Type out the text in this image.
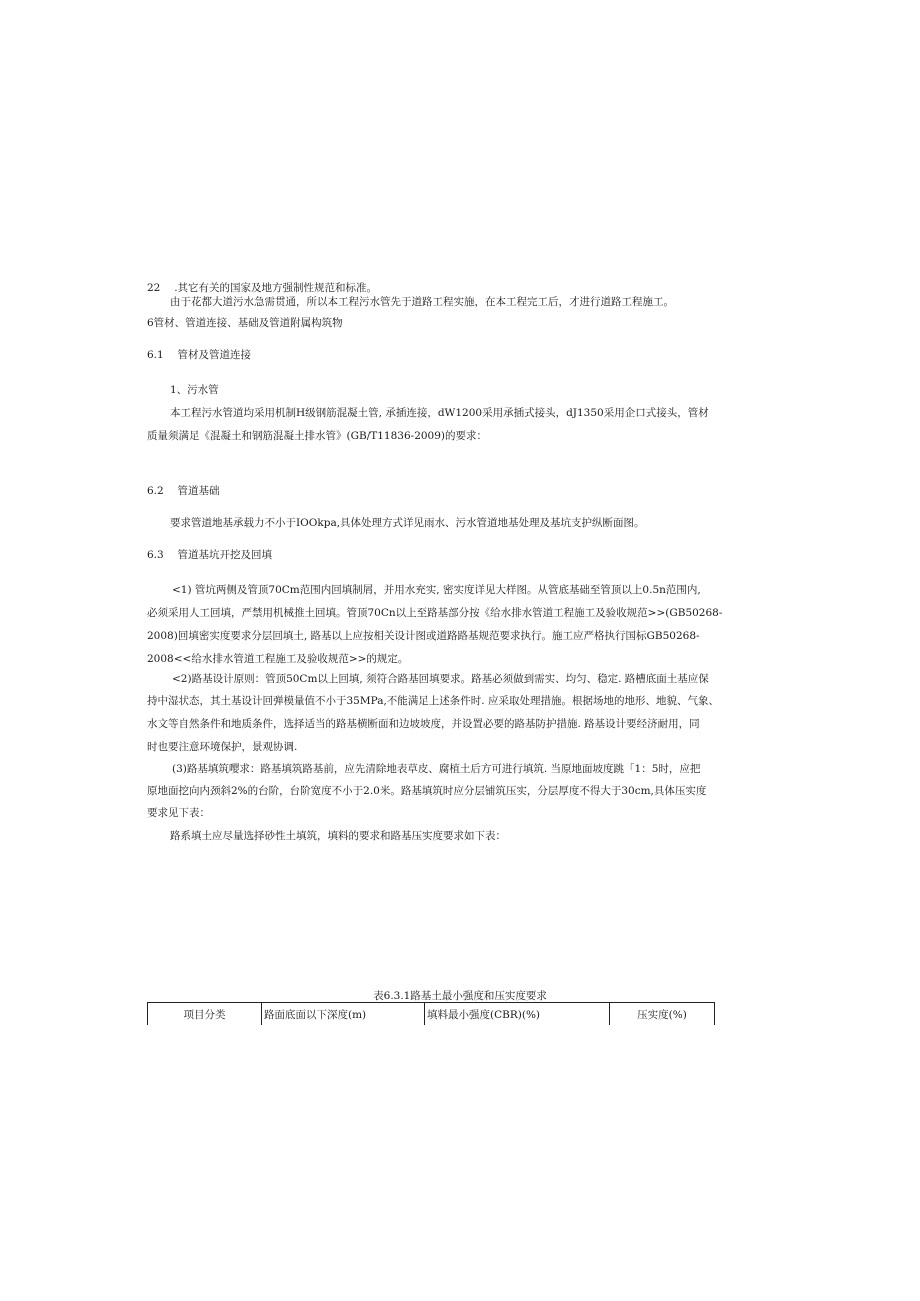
22　 .其它有关的国家及地方强制性规范和标准。
由于花都大道污水急需贯通，所以本工程污水管先于道路工程实施，在本工程完工后，才进行道路工程施工。
6管材、管道连接、基础及管道附属构筑物
6.1　 管材及管道连接
1、污水管
本工程污水管道均采用机制H级钢筋混凝土管, 承插连接，dW1200采用承插式接头，dJ1350采用企口式接头，管材
质量须满足《混凝土和钢筋混凝土排水管》(GB/T11836-2009)的要求：
6.2　 管道基础
要求管道地基承载力不小于IOOkpa,具体处理方式详见雨水、污水管道地基处理及基坑支护纵断面图。
6.3　 管道基坑开挖及回填
<1) 管坑两侧及管顶70Cm范围内回填制屑，并用水充实, 密实度详见大样图。从管底基础至管顶以上0.5n范围内,
必须采用人工回填，严禁用机械推土回填。管顶70Cn以上至路基部分按《给水排水管道工程施工及验收规范>>(GB50268-
2008)回填密实度要求分层回填土, 路基以上应按相关设计图或道路路基规范要求执行。施工应严格执行国标GB50268-
2008<<给水排水管道工程施工及验收规范>>的规定。
<2)路基设计原则：管顶50Cm以上回填, 须符合路基回填要求。路基必须做到需实、均匀、稳定. 路槽底面土基应保
持中湿状态，其土基设计回弹模量值不小于35MPa,不能满足上述条件时. 应采取处理措施。根据场地的地形、地貌、气象、
水文等自然条件和地质条件，选择适当的路基横断面和边坡坡度，并设置必要的路基防护措施. 路基设计要经济耐用，同
时也要注意环境保护，景观协调.
(3)路基填筑嘤求：路基填筑路基前，应先清除地表草皮、腐植土后方可进行填筑. 当原地面坡度跳「1：5时，应把
原地面挖向内颈斜2%的台阶，台阶宽度不小于2.0米。路基填筑时应分层铺筑压实，分层厚度不得大于30cm,具体压实度
要求见下表：
路系填土应尽量选择砂性土填筑，填料的要求和路基压实度要求如下表：
表6.3.1路基土最小强度和压实度要求
项目分类	路面底面以下深度(m)	填料最小强度(CBR)(%)	压实度(%)
